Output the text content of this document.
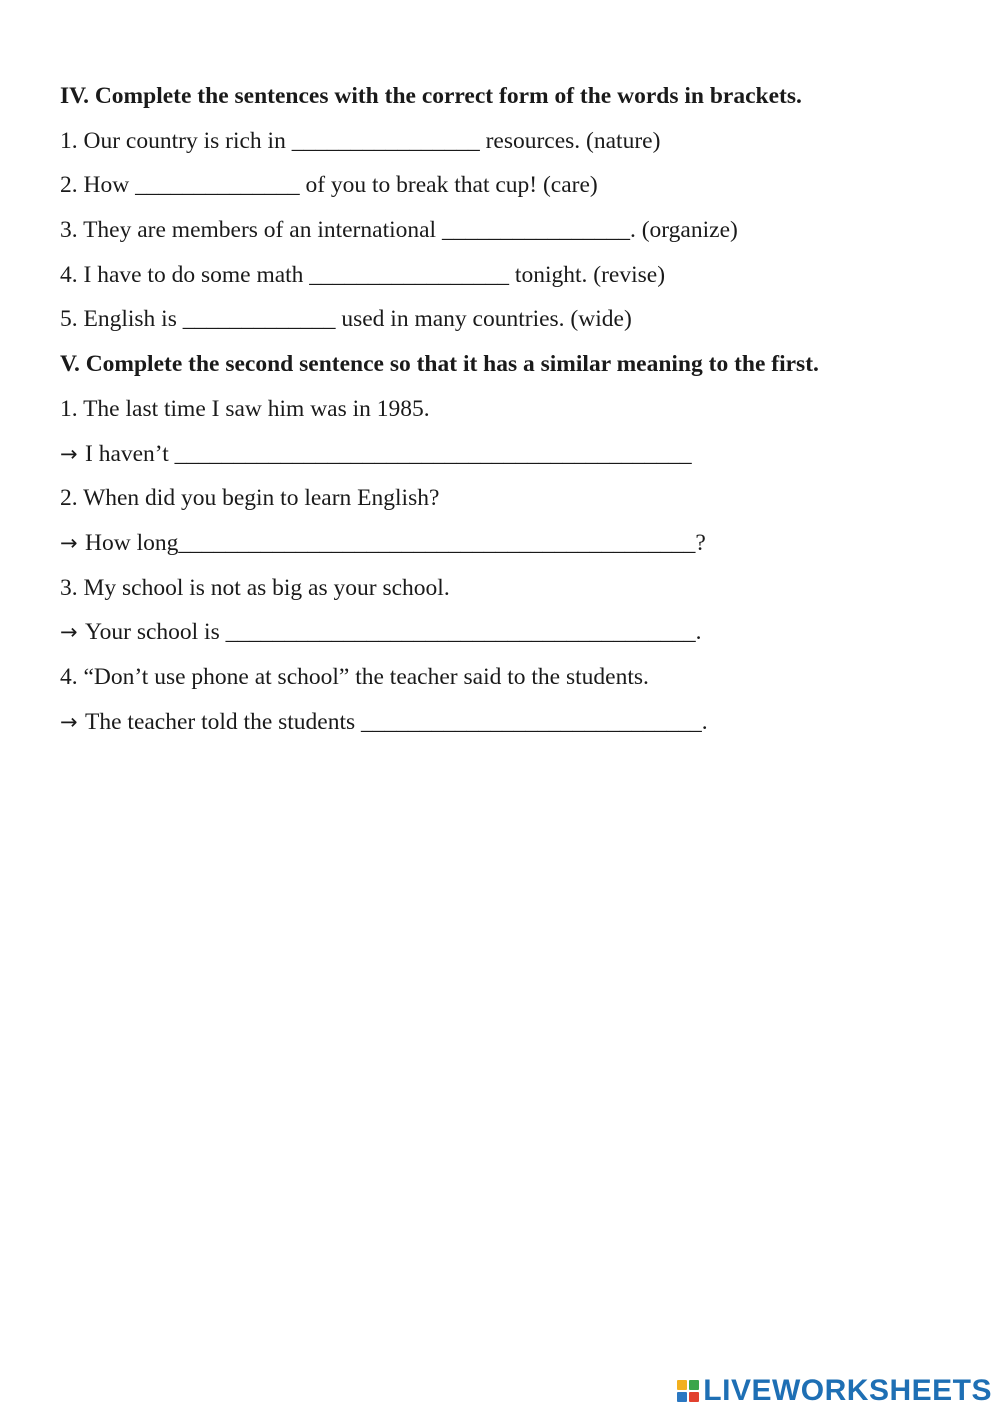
IV. Complete the sentences with the correct form of the words in brackets.
1. Our country is rich in ________________ resources. (nature)
2. How ______________ of you to break that cup! (care)
3. They are members of an international ________________. (organize)
4. I have to do some math _________________ tonight. (revise)
5. English is _____________ used in many countries. (wide)
V. Complete the second sentence so that it has a similar meaning to the first.
1. The last time I saw him was in 1985.
→ I haven’t ____________________________________________
2. When did you begin to learn English?
→ How long____________________________________________?
3. My school is not as big as your school.
→ Your school is ________________________________________.
4. “Don’t use phone at school” the teacher said to the students.
→ The teacher told the students _____________________________.
LIVEWORKSHEETS
